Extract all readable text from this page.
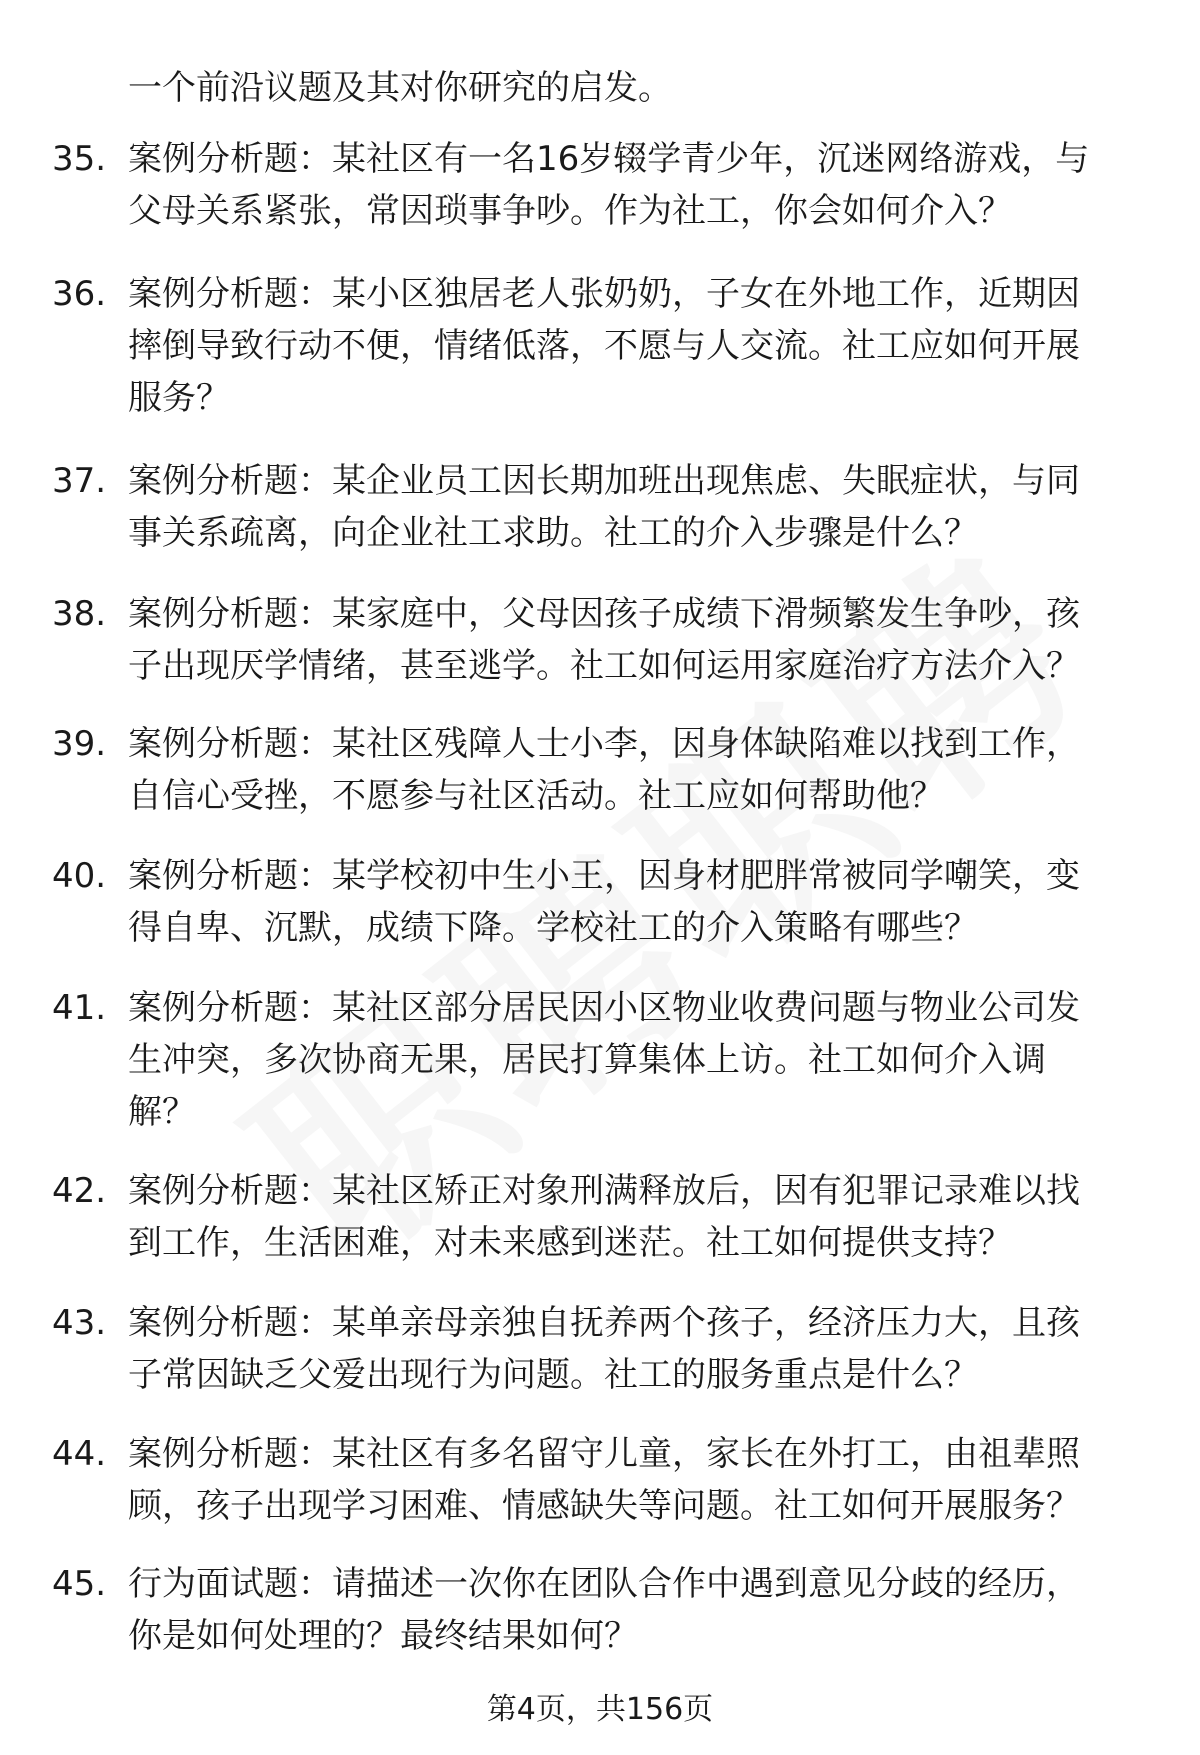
一个前沿议题及其对你研究的启发。
35. 案例分析题：某社区有一名16岁辍学青少年，沉迷网络游戏，与
父母关系紧张，常因琐事争吵。作为社工，你会如何介入？
36. 案例分析题：某小区独居老人张奶奶，子女在外地工作，近期因
摔倒导致行动不便，情绪低落，不愿与人交流。社工应如何开展
服务？
37. 案例分析题：某企业员工因长期加班出现焦虑、失眠症状，与同
事关系疏离，向企业社工求助。社工的介入步骤是什么？
38. 案例分析题：某家庭中，父母因孩子成绩下滑频繁发生争吵，孩
子出现厌学情绪，甚至逃学。社工如何运用家庭治疗方法介入？
39. 案例分析题：某社区残障人士小李，因身体缺陷难以找到工作，
自信心受挫，不愿参与社区活动。社工应如何帮助他？
40. 案例分析题：某学校初中生小王，因身材肥胖常被同学嘲笑，变
得自卑、沉默，成绩下降。学校社工的介入策略有哪些？
41. 案例分析题：某社区部分居民因小区物业收费问题与物业公司发
生冲突，多次协商无果，居民打算集体上访。社工如何介入调
解？
42. 案例分析题：某社区矫正对象刑满释放后，因有犯罪记录难以找
到工作，生活困难，对未来感到迷茫。社工如何提供支持？
43. 案例分析题：某单亲母亲独自抚养两个孩子，经济压力大，且孩
子常因缺乏父爱出现行为问题。社工的服务重点是什么？
44. 案例分析题：某社区有多名留守儿童，家长在外打工，由祖辈照
顾，孩子出现学习困难、情感缺失等问题。社工如何开展服务？
45. 行为面试题：请描述一次你在团队合作中遇到意见分歧的经历，
你是如何处理的？最终结果如何？
第4页，共156页
